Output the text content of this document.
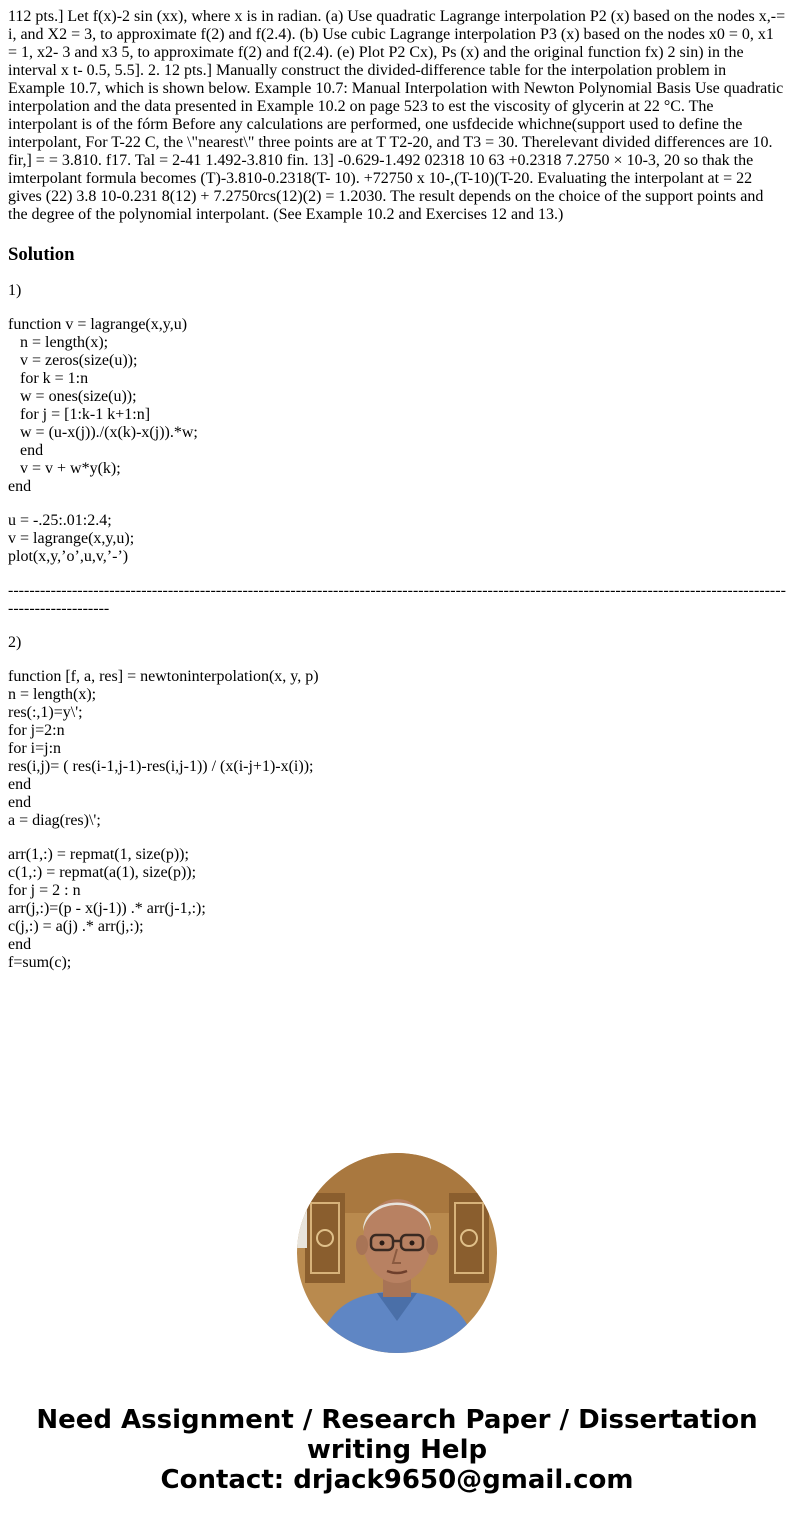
112 pts.] Let f(x)-2 sin (xx), where x is in radian. (a) Use quadratic Lagrange interpolation P2 (x) based on the nodes x,-= i, and X2 = 3, to approximate f(2) and f(2.4). (b) Use cubic Lagrange interpolation P3 (x) based on the nodes x0 = 0, x1 = 1, x2- 3 and x3 5, to approximate f(2) and f(2.4). (e) Plot P2 Cx), Ps (x) and the original function fx) 2 sin) in the interval x t- 0.5, 5.5]. 2. 12 pts.] Manually construct the divided-difference table for the interpolation problem in Example 10.7, which is shown below. Example 10.7: Manual Interpolation with Newton Polynomial Basis Use quadratic interpolation and the data presented in Example 10.2 on page 523 to est the viscosity of glycerin at 22 °C. The interpolant is of the fórm Before any calculations are performed, one usfdecide whichne(support used to define the interpolant, For T-22 C, the \"nearest\" three points are at T T2-20, and T3 = 30. Therelevant divided differences are 10. fir,] = = 3.810. f17. Tal = 2-41 1.492-3.810 fin. 13] -0.629-1.492 02318 10 63 +0.2318 7.2750 × 10-3, 20 so thak the imterpolant formula becomes (T)-3.810-0.2318(T- 10). +72750 x 10-,(T-10)(T-20. Evaluating the interpolant at = 22 gives (22) 3.8 10-0.231 8(12) + 7.2750rcs(12)(2) = 1.2030. The result depends on the choice of the support points and the degree of the polynomial interpolant. (See Example 10.2 and Exercises 12 and 13.)

Solution
1)
function v = lagrange(x,y,u)
n = length(x);
v = zeros(size(u));
for k = 1:n
w = ones(size(u));
for j = [1:k-1 k+1:n]
w = (u-x(j))./(x(k)-x(j)).*w;
end
v = v + w*y(k);
end
u = -.25:.01:2.4;
v = lagrange(x,y,u);
plot(x,y,’o’,u,v,’-’)
---------------------------------------------------------------------------------------------------------------------------------------------------------------------
2)
function [f, a, res] = newtoninterpolation(x, y, p)
n = length(x);
res(:,1)=y\';
for j=2:n
for i=j:n
res(i,j)= ( res(i-1,j-1)-res(i,j-1)) / (x(i-j+1)-x(i));
end
end
a = diag(res)\';
arr(1,:) = repmat(1, size(p));
c(1,:) = repmat(a(1), size(p));
for j = 2 : n
arr(j,:)=(p - x(j-1)) .* arr(j-1,:);
c(j,:) = a(j) .* arr(j,:);
end
f=sum(c);
Need Assignment / Research Paper / Dissertation
writing Help
Contact: drjack9650@gmail.com
